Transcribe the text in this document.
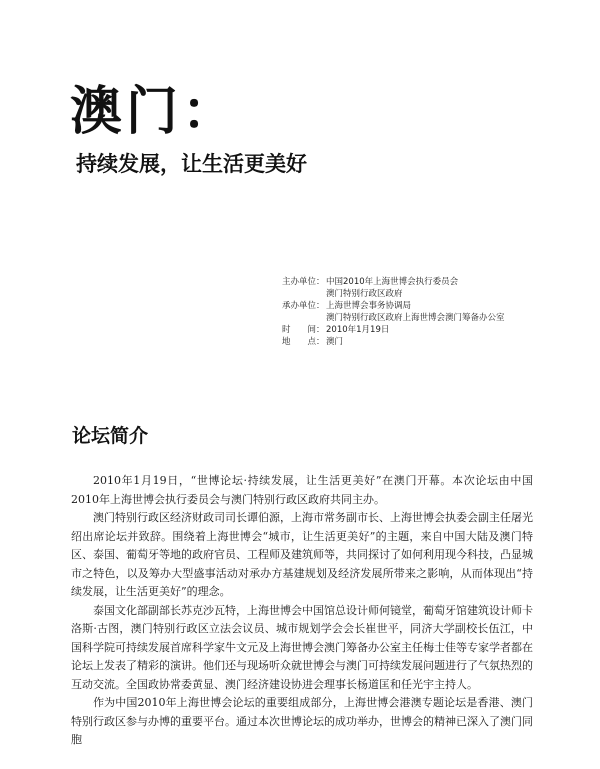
澳门：
持续发展，让生活更美好
主办单位： 中国2010年上海世博会执行委员会
澳门特别行政区政府
承办单位： 上海世博会事务协调局
澳门特别行政区政府上海世博会澳门筹备办公室
时　　间： 2010年1月19日
地　　点： 澳门
论坛简介

2010年1月19日，“世博论坛·持续发展，让生活更美好”在澳门开幕。本次论坛由中国2010年上海世博会执行委员会与澳门特别行政区政府共同主办。

澳门特别行政区经济财政司司长谭伯源，上海市常务副市长、上海世博会执委会副主任屠光绍出席论坛并致辞。围绕着上海世博会“城市，让生活更美好”的主题，来自中国大陆及澳门特区、泰国、葡萄牙等地的政府官员、工程师及建筑师等，共同探讨了如何利用现今科技，凸显城市之特色，以及筹办大型盛事活动对承办方基建规划及经济发展所带来之影响，从而体现出“持续发展，让生活更美好”的理念。

泰国文化部副部长苏克沙瓦特，上海世博会中国馆总设计师何镜堂，葡萄牙馆建筑设计师卡洛斯·古图，澳门特别行政区立法会议员、城市规划学会会长崔世平，同济大学副校长伍江，中国科学院可持续发展首席科学家牛文元及上海世博会澳门筹备办公室主任梅士佳等专家学者都在论坛上发表了精彩的演讲。他们还与现场听众就世博会与澳门可持续发展问题进行了气氛热烈的互动交流。全国政协常委黄显、澳门经济建设协进会理事长杨道匡和任光宇主持人。

作为中国2010年上海世博会论坛的重要组成部分，上海世博会港澳专题论坛是香港、澳门特别行政区参与办博的重要平台。通过本次世博论坛的成功举办，世博会的精神已深入了澳门同胞
